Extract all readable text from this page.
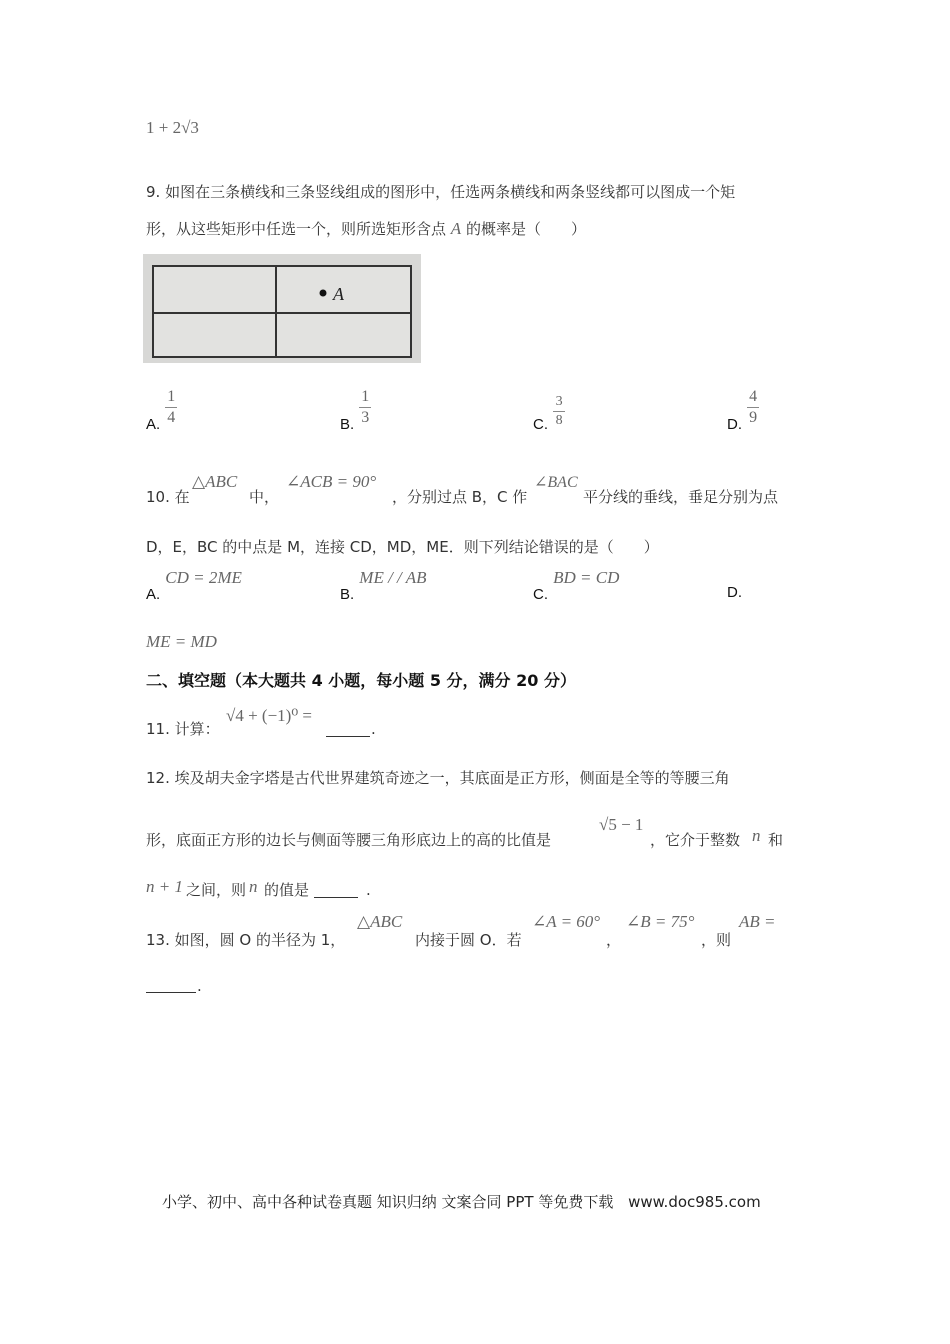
1 + 2√3
9. 如图在三条横线和三条竖线组成的图形中，任选两条横线和两条竖线都可以图成一个矩
形，从这些矩形中任选一个，则所选矩形含点 A 的概率是（　　）
A
A. $\frac{1}{4}$	B. $\frac{1}{3}$	C. $\frac{3}{8}$	D. $\frac{4}{9}$
10. 在
△ABC
中，
∠ACB = 90°
，分别过点 B，C 作
∠BAC
平分线的垂线，垂足分别为点
D，E，BC 的中点是 M，连接 CD，MD，ME．则下列结论错误的是（　　）
A. CD = 2ME
B. ME / / AB
C. BD = CD
D.
ME = MD
二、填空题（本大题共 4 小题，每小题 5 分，满分 20 分）
11. 计算：
√4 + (−1)⁰ =
.
12. 埃及胡夫金字塔是古代世界建筑奇迹之一，其底面是正方形，侧面是全等的等腰三角
形，底面正方形的边长与侧面等腰三角形底边上的高的比值是
√5 − 1
，它介于整数 n 和
n + 1 之间，则 n 的值是	.
13. 如图，圆 O 的半径为 1，
△ABC
内接于圆 O．若
∠A = 60°
，
∠B = 75°
，则
AB =
.
小学、初中、高中各种试卷真题 知识归纳 文案合同 PPT 等免费下载 www.doc985.com
